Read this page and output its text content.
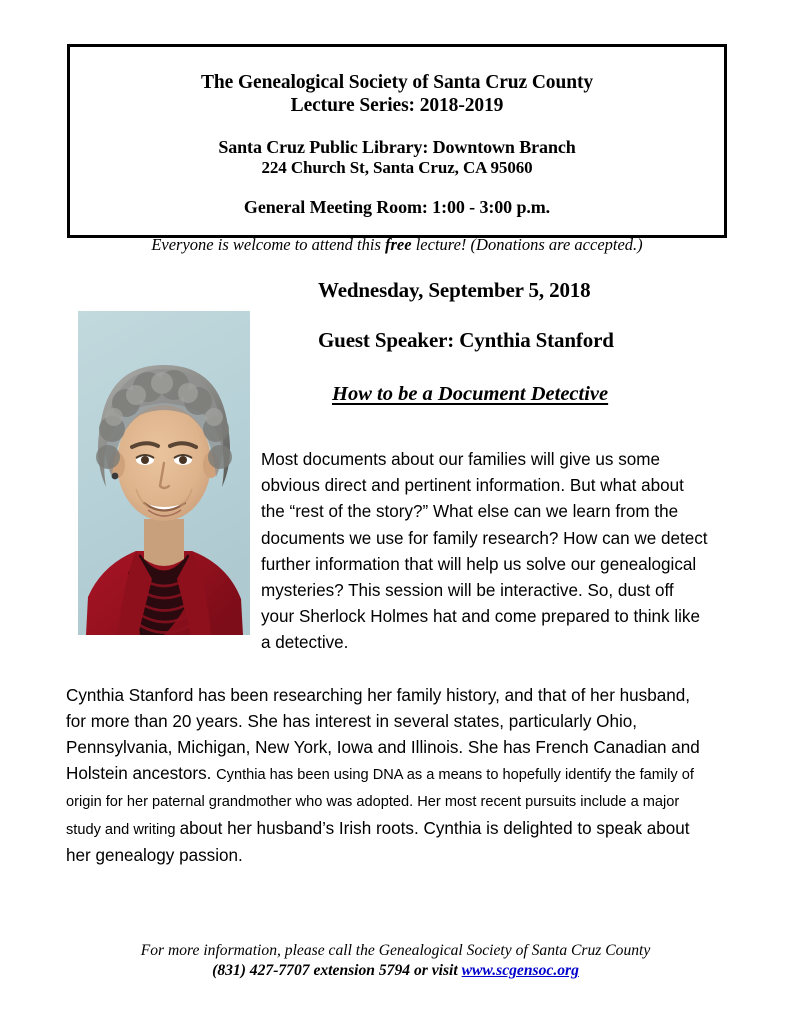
The Genealogical Society of Santa Cruz County
Lecture Series: 2018-2019
Santa Cruz Public Library: Downtown Branch
224 Church St, Santa Cruz, CA 95060
General Meeting Room: 1:00 - 3:00 p.m.
Everyone is welcome to attend this free lecture! (Donations are accepted.)
Wednesday, September 5, 2018
Guest Speaker: Cynthia Stanford
How to be a Document Detective

Most documents about our families will give us some obvious direct and pertinent information. But what about the “rest of the story?” What else can we learn from the documents we use for family research? How can we detect further information that will help us solve our genealogical mysteries? This session will be interactive. So, dust off your Sherlock Holmes hat and come prepared to think like a detective.

Cynthia Stanford has been researching her family history, and that of her husband, for more than 20 years. She has interest in several states, particularly Ohio, Pennsylvania, Michigan, New York, Iowa and Illinois. She has French Canadian and Holstein ancestors. Cynthia has been using DNA as a means to hopefully identify the family of origin for her paternal grandmother who was adopted. Her most recent pursuits include a major study and writing about her husband’s Irish roots. Cynthia is delighted to speak about her genealogy passion.

For more information, please call the Genealogical Society of Santa Cruz County
(831) 427-7707 extension 5794 or visit www.scgensoc.org
